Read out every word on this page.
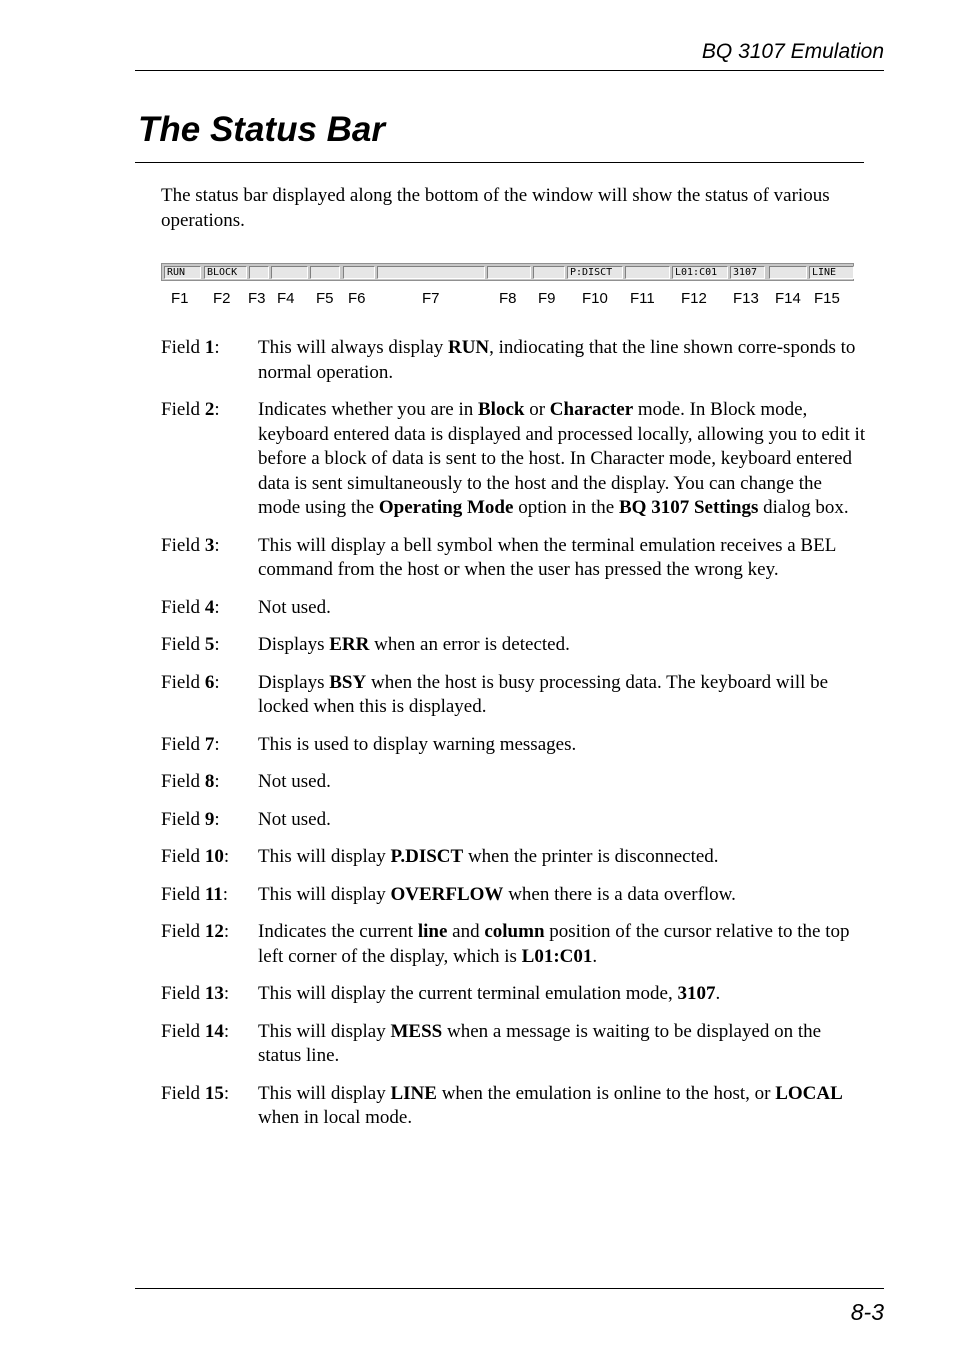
BQ 3107 Emulation
The Status Bar
The status bar displayed along the bottom of the window will show the status of various operations.
RUN	BLOCK	P:DISCT	L01:C01	3107	LINE
F1 F2 F3 F4 F5 F6	F7	F8 F9 F10 F11 F12 F13 F14 F15
Field 1:	This will always display RUN, indiocating that the line shown corre-sponds to normal operation.
Field 2:	Indicates whether you are in Block or Character mode. In Block mode, keyboard entered data is displayed and processed locally, allowing you to edit it before a block of data is sent to the host. In Character mode, keyboard entered data is sent simultaneously to the host and the display. You can change the mode using the Operating Mode option in the BQ 3107 Settings dialog box.
Field 3:	This will display a bell symbol when the terminal emulation receives a BEL command from the host or when the user has pressed the wrong key.
Field 4:	Not used.
Field 5:	Displays ERR when an error is detected.
Field 6:	Displays BSY when the host is busy processing data. The keyboard will be locked when this is displayed.
Field 7:	This is used to display warning messages.
Field 8:	Not used.
Field 9:	Not used.
Field 10:	This will display P.DISCT when the printer is disconnected.
Field 11:	This will display OVERFLOW when there is a data overflow.
Field 12:	Indicates the current line and column position of the cursor relative to the top left corner of the display, which is L01:C01.
Field 13:	This will display the current terminal emulation mode, 3107.
Field 14:	This will display MESS when a message is waiting to be displayed on the status line.
Field 15:	This will display LINE when the emulation is online to the host, or LOCAL when in local mode.
8-3
